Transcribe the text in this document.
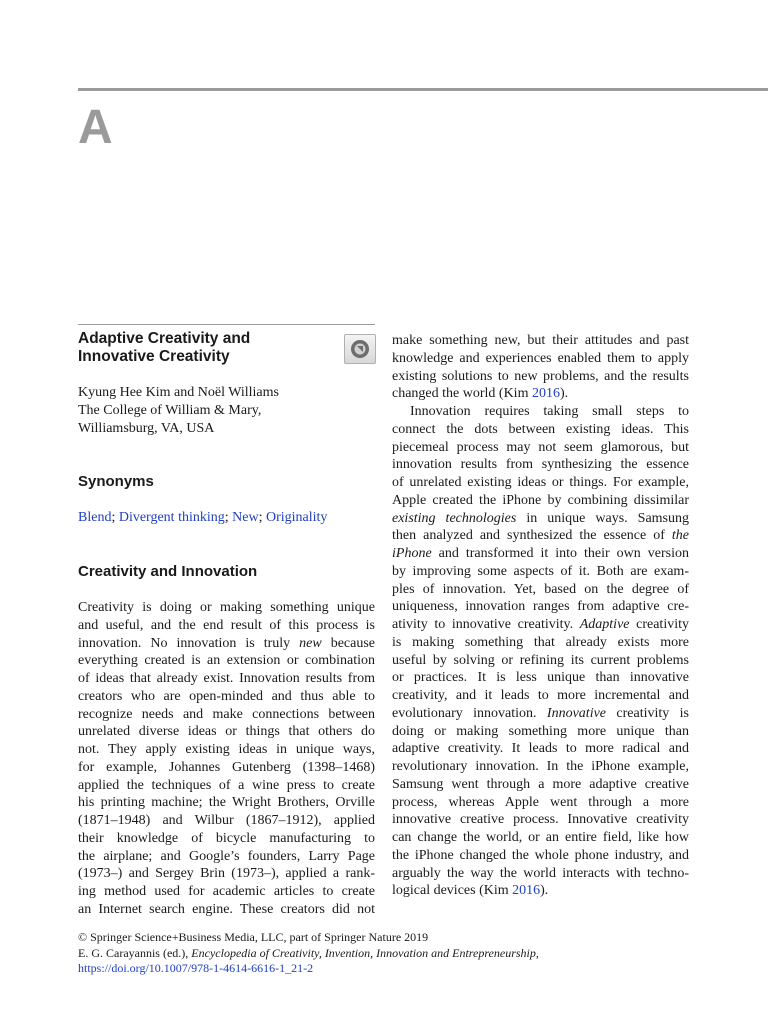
A
Adaptive Creativity and
Innovative Creativity
Kyung Hee Kim and Noël Williams
The College of William & Mary,
Williamsburg, VA, USA
Synonyms
Blend; Divergent thinking; New; Originality
Creativity and Innovation
Creativity is doing or making something unique
and useful, and the end result of this process is
innovation. No innovation is truly new because
everything created is an extension or combination
of ideas that already exist. Innovation results from
creators who are open-minded and thus able to
recognize needs and make connections between
unrelated diverse ideas or things that others do
not. They apply existing ideas in unique ways,
for example, Johannes Gutenberg (1398–1468)
applied the techniques of a wine press to create
his printing machine; the Wright Brothers, Orville
(1871–1948) and Wilbur (1867–1912), applied
their knowledge of bicycle manufacturing to
the airplane; and Google’s founders, Larry Page
(1973–) and Sergey Brin (1973–), applied a rank-
ing method used for academic articles to create
an Internet search engine. These creators did not
make something new, but their attitudes and past
knowledge and experiences enabled them to apply
existing solutions to new problems, and the results
changed the world (Kim 2016).
Innovation requires taking small steps to
connect the dots between existing ideas. This
piecemeal process may not seem glamorous, but
innovation results from synthesizing the essence
of unrelated existing ideas or things. For example,
Apple created the iPhone by combining dissimilar
existing technologies in unique ways. Samsung
then analyzed and synthesized the essence of the
iPhone and transformed it into their own version
by improving some aspects of it. Both are exam-
ples of innovation. Yet, based on the degree of
uniqueness, innovation ranges from adaptive cre-
ativity to innovative creativity. Adaptive creativity
is making something that already exists more
useful by solving or refining its current problems
or practices. It is less unique than innovative
creativity, and it leads to more incremental and
evolutionary innovation. Innovative creativity is
doing or making something more unique than
adaptive creativity. It leads to more radical and
revolutionary innovation. In the iPhone example,
Samsung went through a more adaptive creative
process, whereas Apple went through a more
innovative creative process. Innovative creativity
can change the world, or an entire field, like how
the iPhone changed the whole phone industry, and
arguably the way the world interacts with techno-
logical devices (Kim 2016).
© Springer Science+Business Media, LLC, part of Springer Nature 2019
E. G. Carayannis (ed.), Encyclopedia of Creativity, Invention, Innovation and Entrepreneurship,
https://doi.org/10.1007/978-1-4614-6616-1_21-2
